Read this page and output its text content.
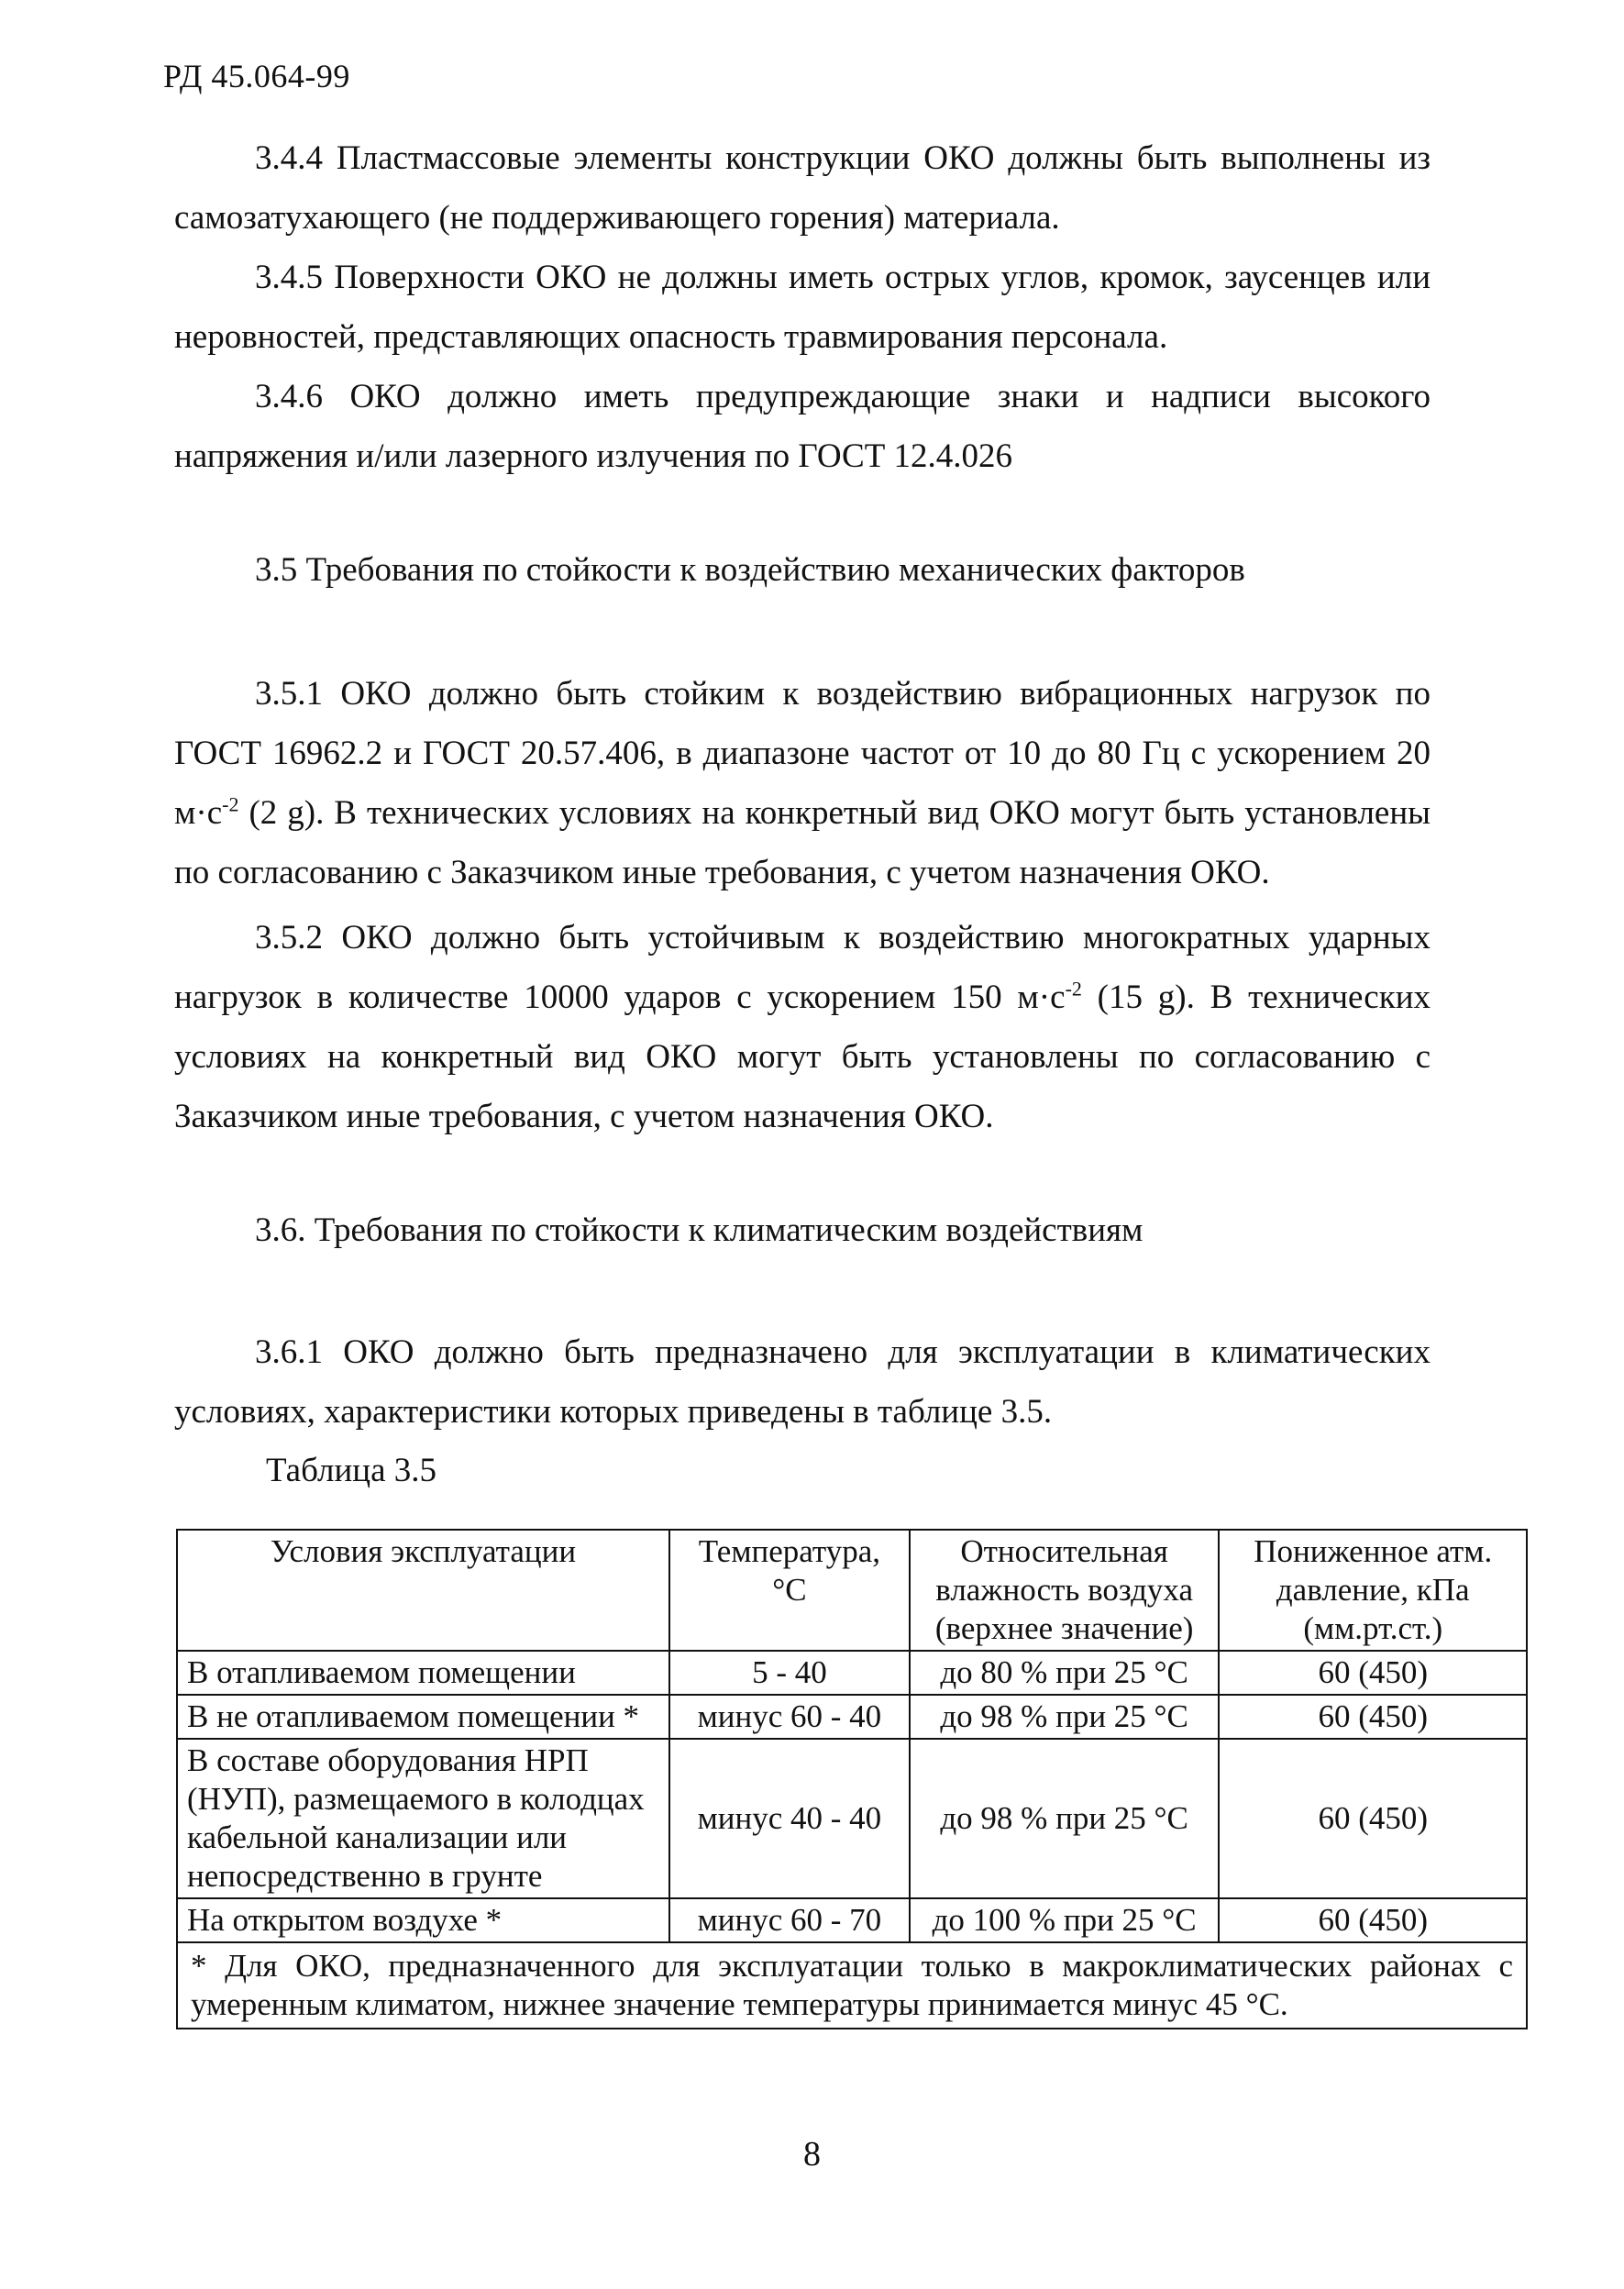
РД 45.064-99
3.4.4 Пластмассовые элементы конструкции ОКО должны быть выполнены из самозатухающего (не поддерживающего горения) материала.
3.4.5 Поверхности ОКО не должны иметь острых углов, кромок, заусенцев или неровностей, представляющих опасность травмирования персонала.
3.4.6 ОКО должно иметь предупреждающие знаки и надписи высокого напряжения и/или лазерного излучения по ГОСТ 12.4.026
3.5 Требования по стойкости к воздействию механических факторов
3.5.1 ОКО должно быть стойким к воздействию вибрационных нагрузок по ГОСТ 16962.2 и ГОСТ 20.57.406, в диапазоне частот от 10 до 80 Гц с ускорением 20 $м\cdot с^{-2}$ (2 g). В технических условиях на конкретный вид ОКО могут быть установлены по согласованию с Заказчиком иные требования, с учетом назначения ОКО.
3.5.2 ОКО должно быть устойчивым к воздействию многократных ударных нагрузок в количестве 10000 ударов с ускорением 150 $м\cdot с^{-2}$ (15 g). В технических условиях на конкретный вид ОКО могут быть установлены по согласованию с Заказчиком иные требования, с учетом назначения ОКО.
3.6. Требования по стойкости к климатическим воздействиям
3.6.1 ОКО должно быть предназначено для эксплуатации в климатических условиях, характеристики которых приведены в таблице 3.5.
Таблица 3.5
Условия эксплуатации	Температура, °С	Относительная влажность воздуха (верхнее значение)	Пониженное атм. давление, кПа (мм.рт.ст.)
В отапливаемом помещении	5 - 40	до 80 % при 25 °С	60 (450)
В не отапливаемом помещении *	минус 60 - 40	до 98 % при 25 °С	60 (450)
В составе оборудования НРП (НУП), размещаемого в колодцах кабельной канализации или непосредственно в грунте	минус 40 - 40	до 98 % при 25 °С	60 (450)
На открытом воздухе *	минус 60 - 70	до 100 % при 25 °С	60 (450)
* Для ОКО, предназначенного для эксплуатации только в макроклиматических районах с умеренным климатом, нижнее значение температуры принимается минус 45 °С.			
8
